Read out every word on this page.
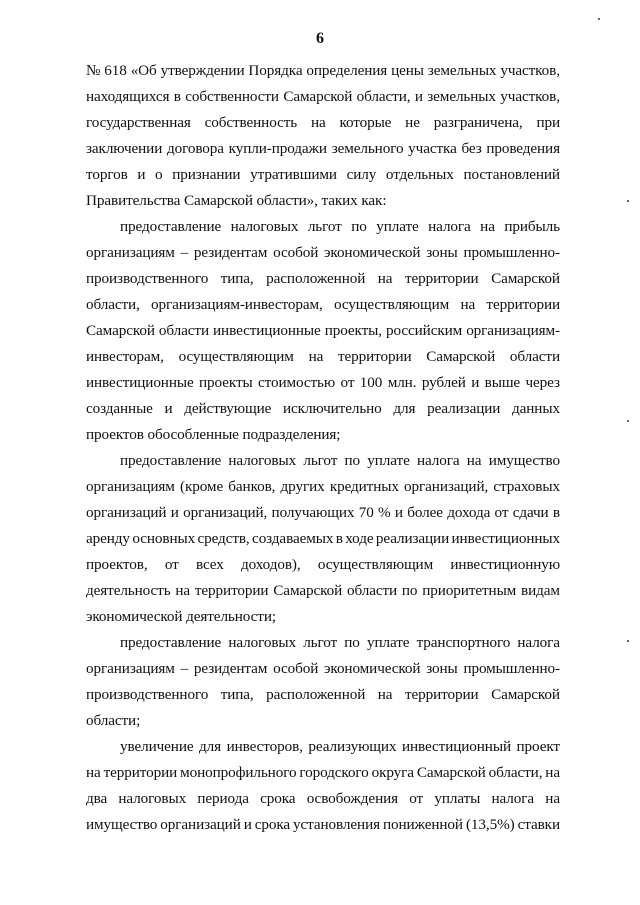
6
№ 618 «Об утверждении Порядка определения цены земельных участков,
находящихся в собственности Самарской области, и земельных участков,
государственная собственность на которые не разграничена, при
заключении договора купли-продажи земельного участка без проведения
торгов и о признании утратившими силу отдельных постановлений
Правительства Самарской области», таких как:
предоставление налоговых льгот по уплате налога на прибыль
организациям – резидентам особой экономической зоны промышленно-
производственного типа, расположенной на территории Самарской
области, организациям-инвесторам, осуществляющим на территории
Самарской области инвестиционные проекты, российским организациям-
инвесторам, осуществляющим на территории Самарской области
инвестиционные проекты стоимостью от 100 млн. рублей и выше через
созданные и действующие исключительно для реализации данных
проектов обособленные подразделения;
предоставление налоговых льгот по уплате налога на имущество
организациям (кроме банков, других кредитных организаций, страховых
организаций и организаций, получающих 70 % и более дохода от сдачи в
аренду основных средств, создаваемых в ходе реализации инвестиционных
проектов, от всех доходов), осуществляющим инвестиционную
деятельность на территории Самарской области по приоритетным видам
экономической деятельности;
предоставление налоговых льгот по уплате транспортного налога
организациям – резидентам особой экономической зоны промышленно-
производственного типа, расположенной на территории Самарской
области;
увеличение для инвесторов, реализующих инвестиционный проект
на территории монопрофильного городского округа Самарской области, на
два налоговых периода срока освобождения от уплаты налога на
имущество организаций и срока установления пониженной (13,5%) ставки
